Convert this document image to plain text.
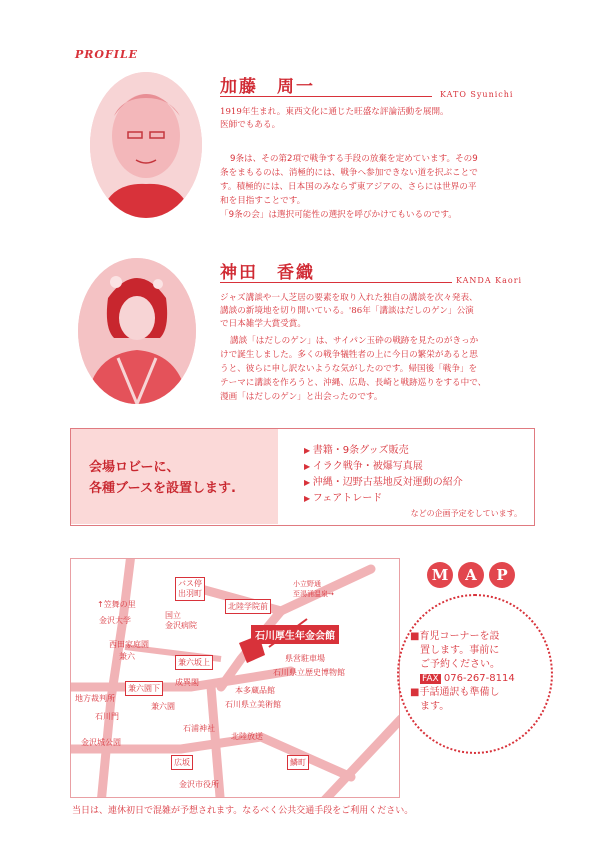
PROFILE
加藤　周一	KATO Syunichi
1919年生まれ。東西文化に通じた旺盛な評論活動を展開。
医師でもある。
9条は、その第2項で戦争する手段の放棄を定めています。その9
条をまもるのは、消極的には、戦争へ参加できない道を択ぶことで
す。積極的には、日本国のみならず東アジアの、さらには世界の平
和を目指すことです。
「9条の会」は選択可能性の選択を呼びかけてもいるのです。
神田　香織	KANDA Kaori
ジャズ講談や一人芝居の要素を取り入れた独自の講談を次々発表、
講談の新境地を切り開いている。'86年「講談はだしのゲン」公演
で日本雑学大賞受賞。
講談「はだしのゲン」は、サイパン玉砕の戦跡を見たのがきっか
けで誕生しました。多くの戦争犠牲者の上に今日の繁栄があると思
うと、彼らに申し訳ないような気がしたのです。帰国後「戦争」を
テーマに講談を作ろうと、沖縄、広島、長崎と戦跡巡りをする中で、
漫画「はだしのゲン」と出会ったのです。
会場ロビーに、
各種ブースを設置します.
▶ 書籍・9条グッズ販売
▶ イラク戦争・被爆写真展
▶ 沖縄・辺野古基地反対運動の紹介
▶ フェアトレード
などの企画予定をしています。
↑笠舞の里
金沢大学
国立
金沢病院
バス停
出羽町
北陸学院前
小立野通
至湯涌温泉→
西田家庭園
兼六
兼六坂上
石川厚生年金会館
県営駐車場
石川県立歴史博物館
兼六園下
成巽閣
地方裁判所
兼六園
本多蔵品館
石川県立美術館
石川門
金沢城公園
石浦神社
北陸放送
広坂	鱗町
金沢市役所
M	A	P
■育児コーナーを設
置します。事前に
ご予約ください。
FAX 076-267-8114
■手話通訳も準備し
ます。
当日は、連休初日で混雑が予想されます。なるべく公共交通手段をご利用ください。
